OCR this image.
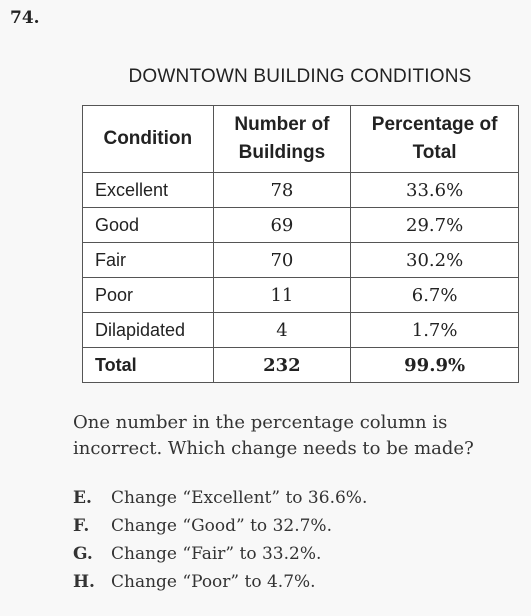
74.
DOWNTOWN BUILDING CONDITIONS
Condition	Number of Buildings	Percentage of Total
Excellent	78	33.6%
Good	69	29.7%
Fair	70	30.2%
Poor	11	6.7%
Dilapidated	4	1.7%
Total	232	99.9%
One number in the percentage column is incorrect. Which change needs to be made?
E.	Change “Excellent” to 36.6%.
F.	Change “Good” to 32.7%.
G.	Change “Fair” to 33.2%.
H. Change “Poor” to 4.7%.
